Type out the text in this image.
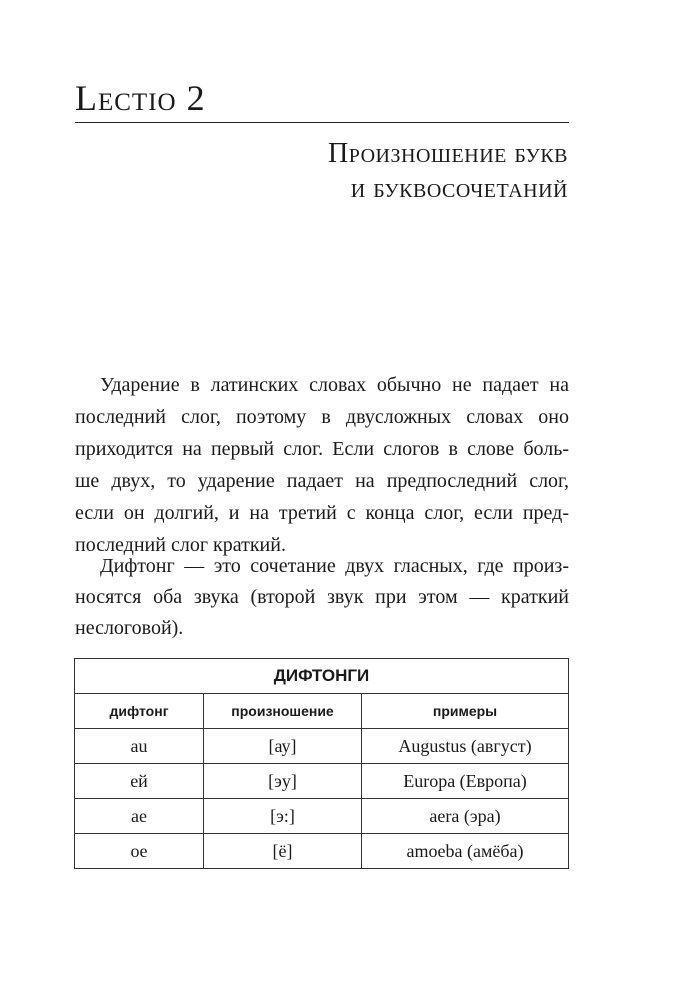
Lectio 2
Произношение букв
и буквосочетаний
Ударение в латинских словах обычно не падает на
последний слог, поэтому в двусложных словах оно
приходится на первый слог. Если слогов в слове боль-
ше двух, то ударение падает на предпоследний слог,
если он долгий, и на третий с конца слог, если пред-
последний слог краткий.
Дифтонг — это сочетание двух гласных, где произ-
носятся оба звука (второй звук при этом — краткий
неслоговой).
ДИФТОНГИ		
дифтонг	произношение	примеры
au	[ау]	Augustus (август)
eй	[эу]	Europa (Европа)
ae	[э:]	aera (эра)
oe	[ё]	amoeba (амёба)
